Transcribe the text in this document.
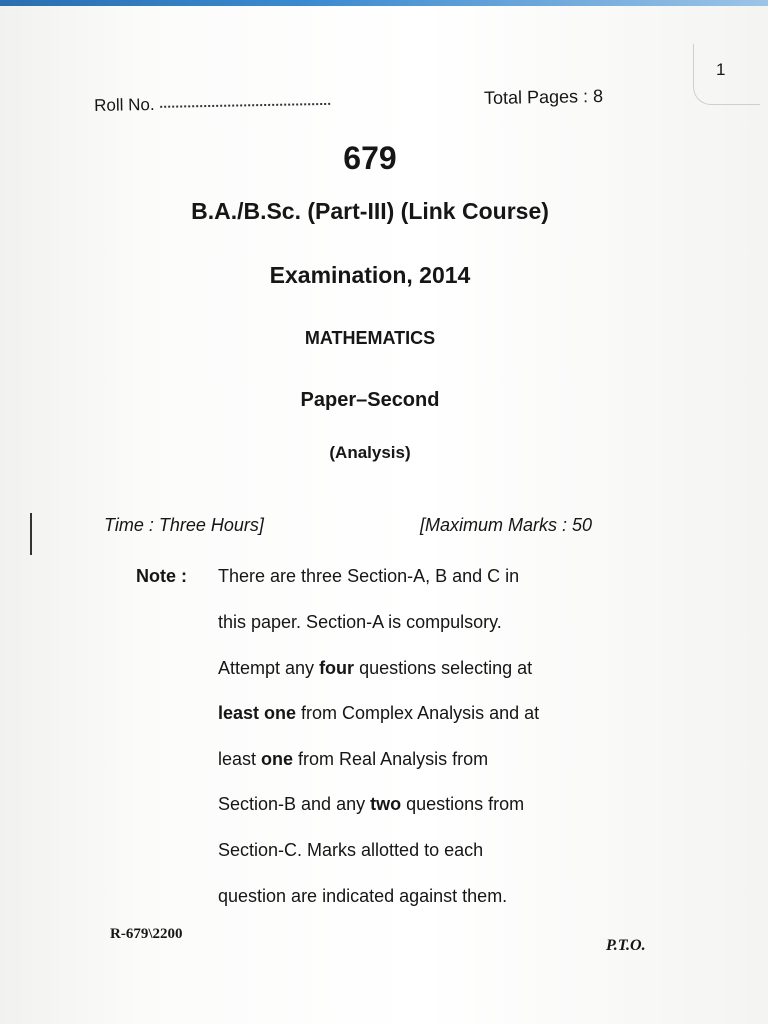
1
Roll No.	Total Pages : 8
679
B.A./B.Sc. (Part-III) (Link Course)
Examination, 2014
MATHEMATICS
Paper–Second
(Analysis)
Time : Three Hours]	[Maximum Marks : 50
Note : There are three Section-A, B and C in
this paper. Section-A is compulsory.
Attempt any four questions selecting at
least one from Complex Analysis and at
least one from Real Analysis from
Section-B and any two questions from
Section-C. Marks allotted to each
question are indicated against them.
R-679\2200
P.T.O.
